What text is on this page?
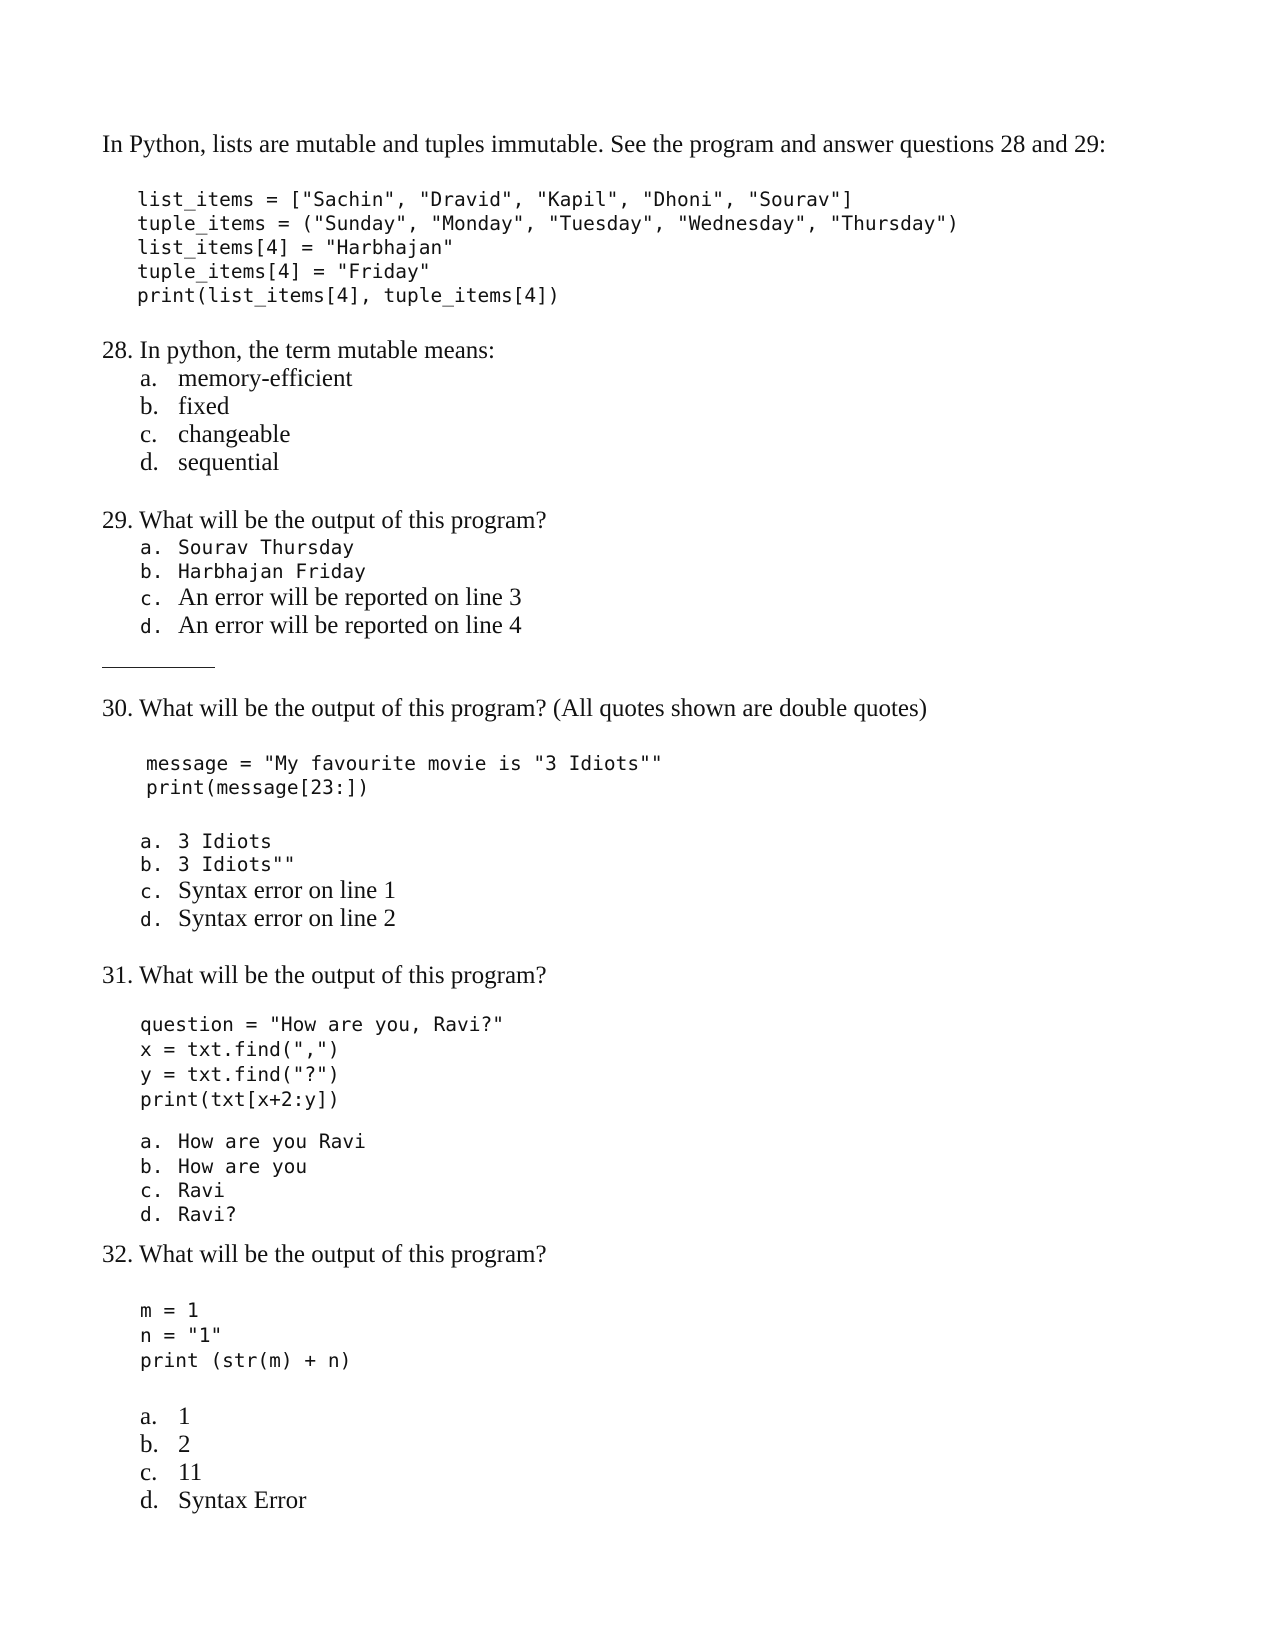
In Python, lists are mutable and tuples immutable. See the program and answer questions 28 and 29:
list_items = ["Sachin", "Dravid", "Kapil", "Dhoni", "Sourav"]
tuple_items = ("Sunday", "Monday", "Tuesday", "Wednesday", "Thursday")
list_items[4] = "Harbhajan"
tuple_items[4] = "Friday"
print(list_items[4], tuple_items[4])
28. In python, the term mutable means:
a. memory-efficient
b. fixed
c. changeable
d. sequential
29. What will be the output of this program?
a. Sourav Thursday
b. Harbhajan Friday
c. An error will be reported on line 3
d. An error will be reported on line 4
30. What will be the output of this program? (All quotes shown are double quotes)
message = "My favourite movie is "3 Idiots""
print(message[23:])
a. 3 Idiots
b. 3 Idiots""
c. Syntax error on line 1
d. Syntax error on line 2
31. What will be the output of this program?
question = "How are you, Ravi?"
x = txt.find(",")
y = txt.find("?")
print(txt[x+2:y])
a. How are you Ravi
b. How are you
c. Ravi
d. Ravi?
32. What will be the output of this program?
m = 1
n = "1"
print (str(m) + n)
a. 1
b. 2
c. 11
d. Syntax Error
